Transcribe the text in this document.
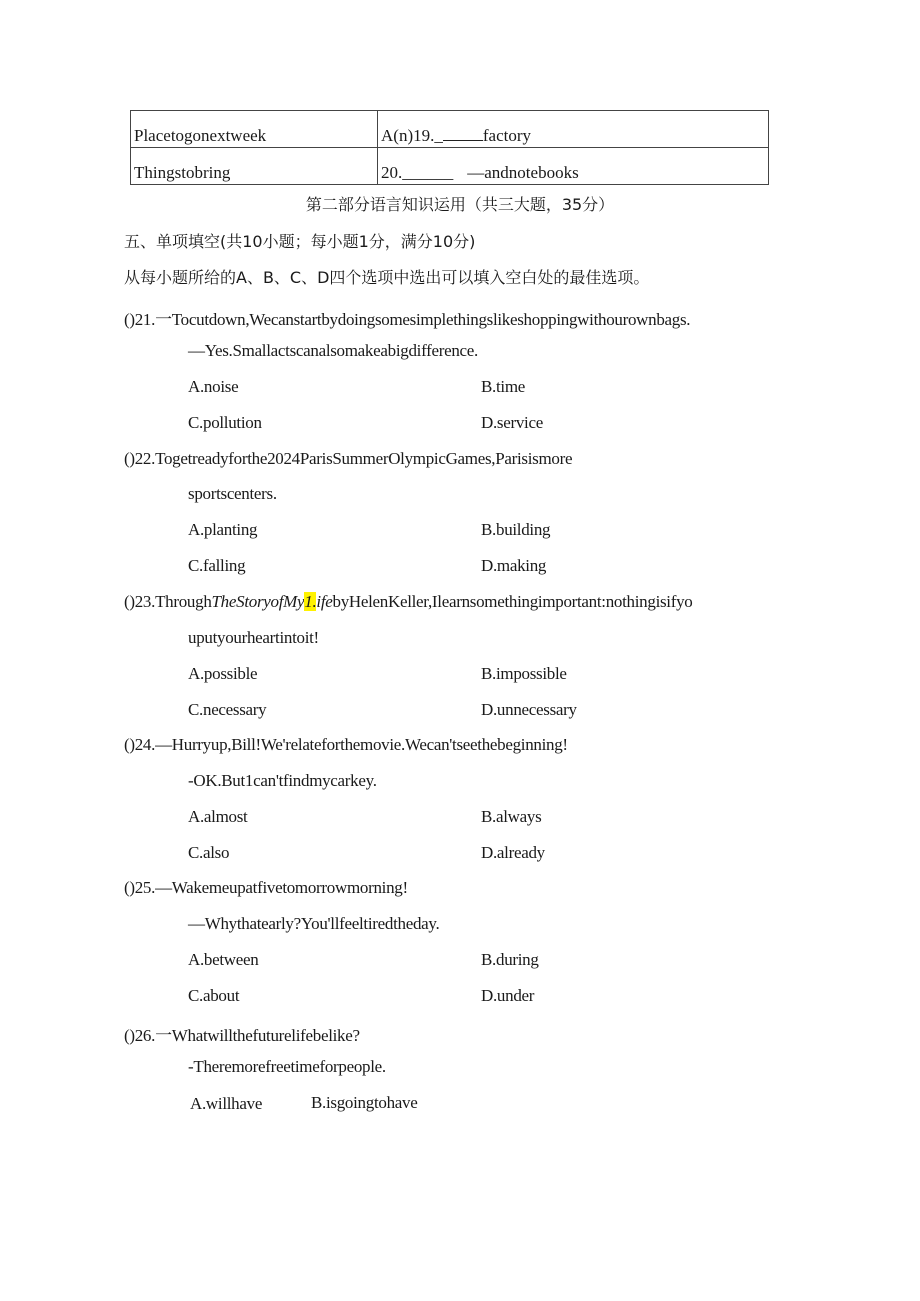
Placetogonextweek	A(n)19._ factory
Thingstobring	20.______ —andnotebooks
第二部分语言知识运用（共三大题，35分）
五、单项填空(共10小题；每小题1分，满分10分)
从每小题所给的A、B、C、D四个选项中选出可以填入空白处的最佳选项。
()21.一Tocutdown,Wecanstartbydoingsomesimplethingslikeshoppingwithourownbags.
—Yes.Smallactscanalsomakeabigdifference.
A.noise	B.time
C.pollution	D.service
()22.Togetreadyforthe2024ParisSummerOlympicGames,Parisismore
sportscenters.
A.planting	B.building
C.falling	D.making
()23.ThroughTheStoryofMy1.ifebyHelenKeller,Ilearnsomethingimportant:nothingisifyo
uputyourheartintoit!
A.possible	B.impossible
C.necessary	D.unnecessary
()24.—Hurryup,Bill!We'relateforthemovie.Wecan'tseethebeginning!
-OK.But1can'tfindmycarkey.
A.almost	B.always
C.also	D.already
()25.—Wakemeupatfivetomorrowmorning!
—Whythatearly?You'llfeeltiredtheday.
A.between	B.during
C.about	D.under
()26.一Whatwillthefuturelifebelike?
-Theremorefreetimeforpeople.
A.willhave	B.isgoingtohave
